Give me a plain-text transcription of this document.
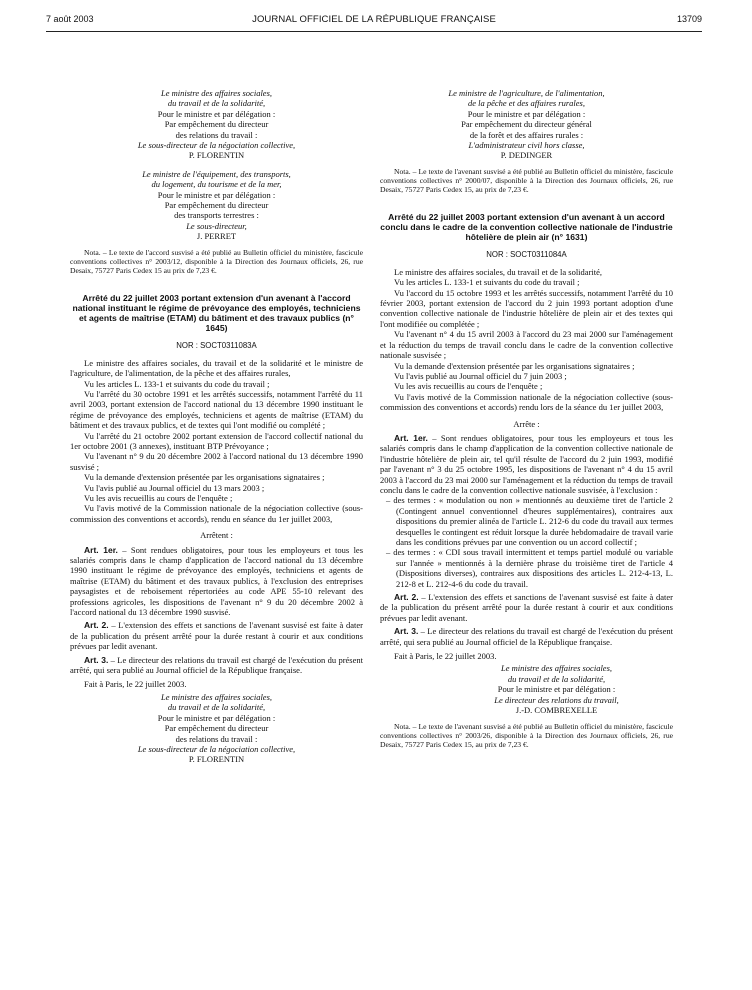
7 août 2003	JOURNAL OFFICIEL DE LA RÉPUBLIQUE FRANÇAISE	13709
Le ministre des affaires sociales,
du travail et de la solidarité,
Pour le ministre et par délégation :
Par empêchement du directeur
des relations du travail :
Le sous-directeur de la négociation collective,
P. FLORENTIN
Le ministre de l'équipement, des transports,
du logement, du tourisme et de la mer,
Pour le ministre et par délégation :
Par empêchement du directeur
des transports terrestres :
Le sous-directeur,
J. PERRET

Nota. – Le texte de l'accord susvisé a été publié au Bulletin officiel du ministère, fascicule conventions collectives n° 2003/12, disponible à la Direction des Journaux officiels, 26, rue Desaix, 75727 Paris Cedex 15 au prix de 7,23 €.

Arrêté du 22 juillet 2003 portant extension d'un avenant à l'accord national instituant le régime de prévoyance des employés, techniciens et agents de maîtrise (ETAM) du bâtiment et des travaux publics (n° 1645)
NOR : SOCT0311083A

Le ministre des affaires sociales, du travail et de la solidarité et le ministre de l'agriculture, de l'alimentation, de la pêche et des affaires rurales,

Vu les articles L. 133-1 et suivants du code du travail ;

Vu l'arrêté du 30 octobre 1991 et les arrêtés successifs, notamment l'arrêté du 11 avril 2003, portant extension de l'accord national du 13 décembre 1990 instituant le régime de prévoyance des employés, techniciens et agents de maîtrise (ETAM) du bâtiment et des travaux publics, et de textes qui l'ont modifié ou complété ;

Vu l'arrêté du 21 octobre 2002 portant extension de l'accord collectif national du 1er octobre 2001 (3 annexes), instituant BTP Prévoyance ;

Vu l'avenant n° 9 du 20 décembre 2002 à l'accord national du 13 décembre 1990 susvisé ;

Vu la demande d'extension présentée par les organisations signataires ;

Vu l'avis publié au Journal officiel du 13 mars 2003 ;

Vu les avis recueillis au cours de l'enquête ;

Vu l'avis motivé de la Commission nationale de la négociation collective (sous-commission des conventions et accords), rendu en séance du 1er juillet 2003,

Arrêtent :

Art. 1er. – Sont rendues obligatoires, pour tous les employeurs et tous les salariés compris dans le champ d'application de l'accord national du 13 décembre 1990 instituant le régime de prévoyance des employés, techniciens et agents de maîtrise (ETAM) du bâtiment et des travaux publics, à l'exclusion des entreprises paysagistes et de reboisement répertoriées au code APE 55-10 relevant des professions agricoles, les dispositions de l'avenant n° 9 du 20 décembre 2002 à l'accord national du 13 décembre 1990 susvisé.

Art. 2. – L'extension des effets et sanctions de l'avenant susvisé est faite à dater de la publication du présent arrêté pour la durée restant à courir et aux conditions prévues par ledit avenant.

Art. 3. – Le directeur des relations du travail est chargé de l'exécution du présent arrêté, qui sera publié au Journal officiel de la République française.

Fait à Paris, le 22 juillet 2003.

Le ministre des affaires sociales,
du travail et de la solidarité,
Pour le ministre et par délégation :
Par empêchement du directeur
des relations du travail :
Le sous-directeur de la négociation collective,
P. FLORENTIN
Le ministre de l'agriculture, de l'alimentation,
de la pêche et des affaires rurales,
Pour le ministre et par délégation :
Par empêchement du directeur général
de la forêt et des affaires rurales :
L'administrateur civil hors classe,
P. DEDINGER

Nota. – Le texte de l'avenant susvisé a été publié au Bulletin officiel du ministère, fascicule conventions collectives n° 2000/07, disponible à la Direction des Journaux officiels, 26, rue Desaix, 75727 Paris Cedex 15, au prix de 7,23 €.

Arrêté du 22 juillet 2003 portant extension d'un avenant à un accord conclu dans le cadre de la convention collective nationale de l'industrie hôtelière de plein air (n° 1631)
NOR : SOCT0311084A

Le ministre des affaires sociales, du travail et de la solidarité,

Vu les articles L. 133-1 et suivants du code du travail ;

Vu l'accord du 15 octobre 1993 et les arrêtés successifs, notamment l'arrêté du 10 février 2003, portant extension de l'accord du 2 juin 1993 portant adoption d'une convention collective nationale de l'industrie hôtelière de plein air et des textes qui l'ont modifiée ou complétée ;

Vu l'avenant n° 4 du 15 avril 2003 à l'accord du 23 mai 2000 sur l'aménagement et la réduction du temps de travail conclu dans le cadre de la convention collective nationale susvisée ;

Vu la demande d'extension présentée par les organisations signataires ;

Vu l'avis publié au Journal officiel du 7 juin 2003 ;

Vu les avis recueillis au cours de l'enquête ;

Vu l'avis motivé de la Commission nationale de la négociation collective (sous-commission des conventions et accords) rendu lors de la séance du 1er juillet 2003,

Arrête :

Art. 1er. – Sont rendues obligatoires, pour tous les employeurs et tous les salariés compris dans le champ d'application de la convention collective nationale de l'industrie hôtelière de plein air, tel qu'il résulte de l'accord du 2 juin 1993, modifié par l'avenant n° 3 du 25 octobre 1995, les dispositions de l'avenant n° 4 du 15 avril 2003 à l'accord du 23 mai 2000 sur l'aménagement et la réduction du temps de travail conclu dans le cadre de la convention collective nationale susvisée, à l'exclusion :

– des termes : « modulation ou non » mentionnés au deuxième tiret de l'article 2 (Contingent annuel conventionnel d'heures supplémentaires), contraires aux dispositions du premier alinéa de l'article L. 212-6 du code du travail aux termes desquelles le contingent est réduit lorsque la durée hebdomadaire de travail varie dans les conditions prévues par une convention ou un accord collectif ;

– des termes : « CDI sous travail intermittent et temps partiel modulé ou variable sur l'année » mentionnés à la dernière phrase du troisième tiret de l'article 4 (Dispositions diverses), contraires aux dispositions des articles L. 212-4-13, L. 212-8 et L. 212-4-6 du code du travail.

Art. 2. – L'extension des effets et sanctions de l'avenant susvisé est faite à dater de la publication du présent arrêté pour la durée restant à courir et aux conditions prévues par ledit avenant.

Art. 3. – Le directeur des relations du travail est chargé de l'exécution du présent arrêté, qui sera publié au Journal officiel de la République française.

Fait à Paris, le 22 juillet 2003.

Le ministre des affaires sociales,
du travail et de la solidarité,
Pour le ministre et par délégation :
Le directeur des relations du travail,
J.-D. COMBREXELLE

Nota. – Le texte de l'avenant susvisé a été publié au Bulletin officiel du ministère, fascicule conventions collectives n° 2003/26, disponible à la Direction des Journaux officiels, 26, rue Desaix, 75727 Paris Cedex 15, au prix de 7,23 €.
